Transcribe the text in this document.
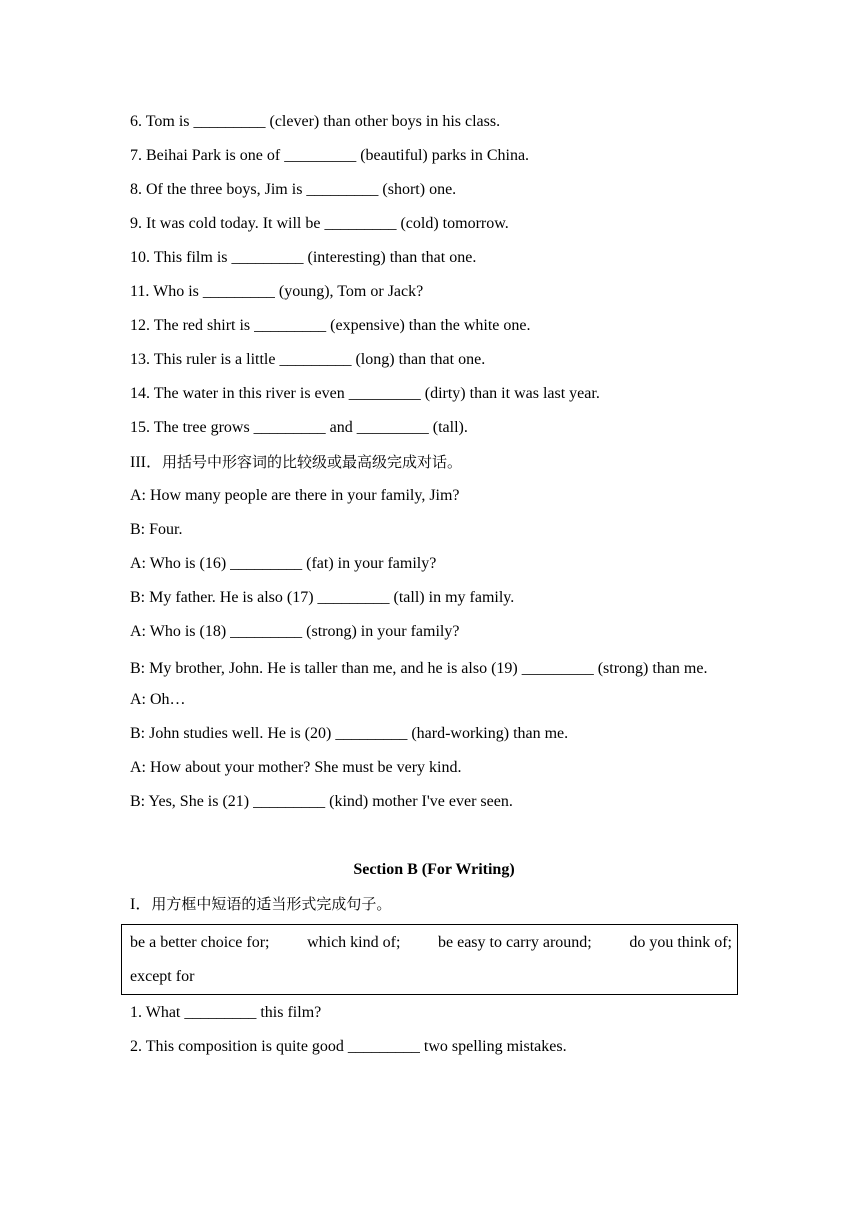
6. Tom is _________ (clever) than other boys in his class.
7. Beihai Park is one of _________ (beautiful) parks in China.
8. Of the three boys, Jim is _________ (short) one.
9. It was cold today. It will be _________ (cold) tomorrow.
10. This film is _________ (interesting) than that one.
11. Who is _________ (young), Tom or Jack?
12. The red shirt is _________ (expensive) than the white one.
13. This ruler is a little _________ (long) than that one.
14. The water in this river is even _________ (dirty) than it was last year.
15. The tree grows _________ and _________ (tall).
III．用括号中形容词的比较级或最高级完成对话。
A: How many people are there in your family, Jim?
B: Four.
A: Who is (16) _________ (fat) in your family?
B: My father. He is also (17) _________ (tall) in my family.
A: Who is (18) _________ (strong) in your family?
B: My brother, John. He is taller than me, and he is also (19) _________ (strong) than me.
A: Oh…
B: John studies well. He is (20) _________ (hard-working) than me.
A: How about your mother? She must be very kind.
B: Yes, She is (21) _________ (kind) mother I've ever seen.
Section B (For Writing)
I．用方框中短语的适当形式完成句子。
be a better choice for; which kind of; be easy to carry around; do you think of;
except for
1. What _________ this film?
2. This composition is quite good _________ two spelling mistakes.
